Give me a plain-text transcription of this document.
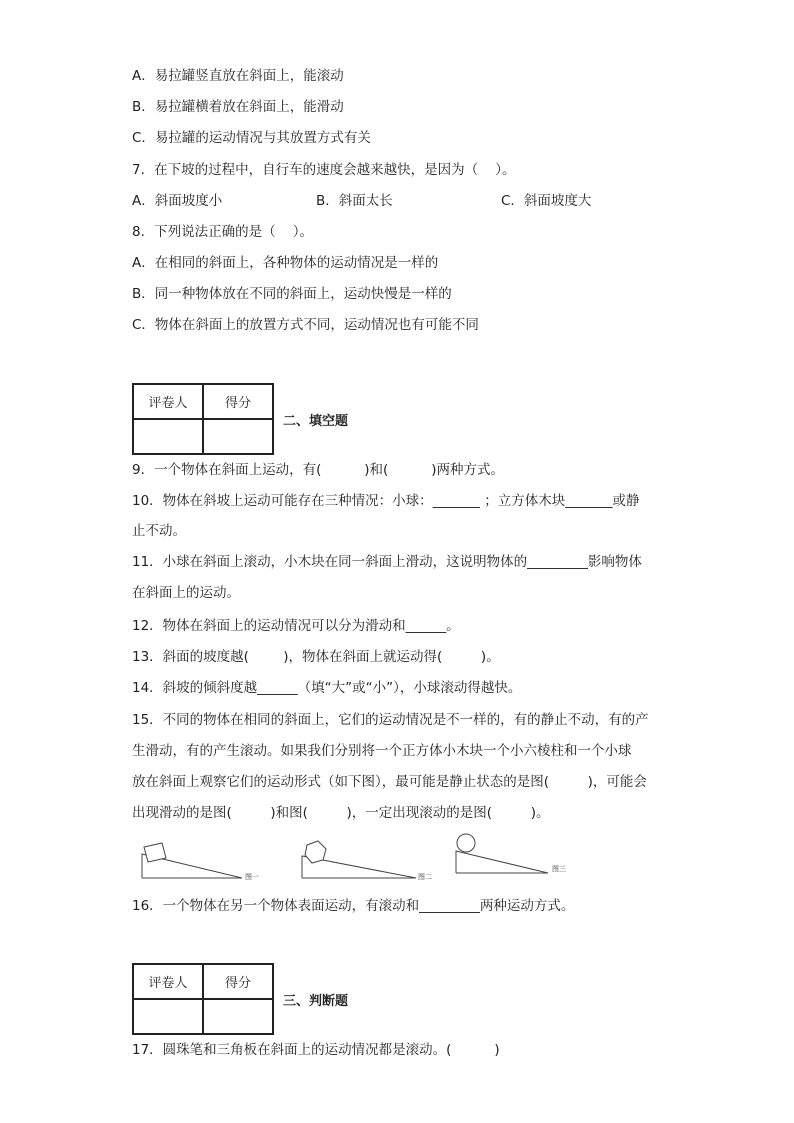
A．易拉罐竖直放在斜面上，能滚动
B．易拉罐横着放在斜面上，能滑动
C．易拉罐的运动情况与其放置方式有关
7．在下坡的过程中，自行车的速度会越来越快，是因为（    ）。
A．斜面坡度小	B．斜面太长	C．斜面坡度大
8．下列说法正确的是（    ）。
A．在相同的斜面上，各种物体的运动情况是一样的
B．同一种物体放在不同的斜面上，运动快慢是一样的
C．物体在斜面上的放置方式不同，运动情况也有可能不同
评卷人	得分

二、填空题
9．一个物体在斜面上运动，有(          )和(          )两种方式。
10．物体在斜坡上运动可能存在三种情况：小球：_______ ；立方体木块_______或静
止不动。
11．小球在斜面上滚动，小木块在同一斜面上滑动，这说明物体的_________影响物体
在斜面上的运动。
12．物体在斜面上的运动情况可以分为滑动和______。
13．斜面的坡度越(        )，物体在斜面上就运动得(         )。
14．斜坡的倾斜度越______（填“大”或“小”），小球滚动得越快。
15．不同的物体在相同的斜面上，它们的运动情况是不一样的，有的静止不动，有的产
生滑动，有的产生滚动。如果我们分别将一个正方体小木块一个小六棱柱和一个小球
放在斜面上观察它们的运动形式（如下图），最可能是静止状态的是图(         )，可能会
出现滑动的是图(         )和图(         )，一定出现滚动的是图(         )。
图一	图二
图三
16．一个物体在另一个物体表面运动，有滚动和_________两种运动方式。
评卷人	得分

三、判断题
17．圆珠笔和三角板在斜面上的运动情况都是滚动。(          )
